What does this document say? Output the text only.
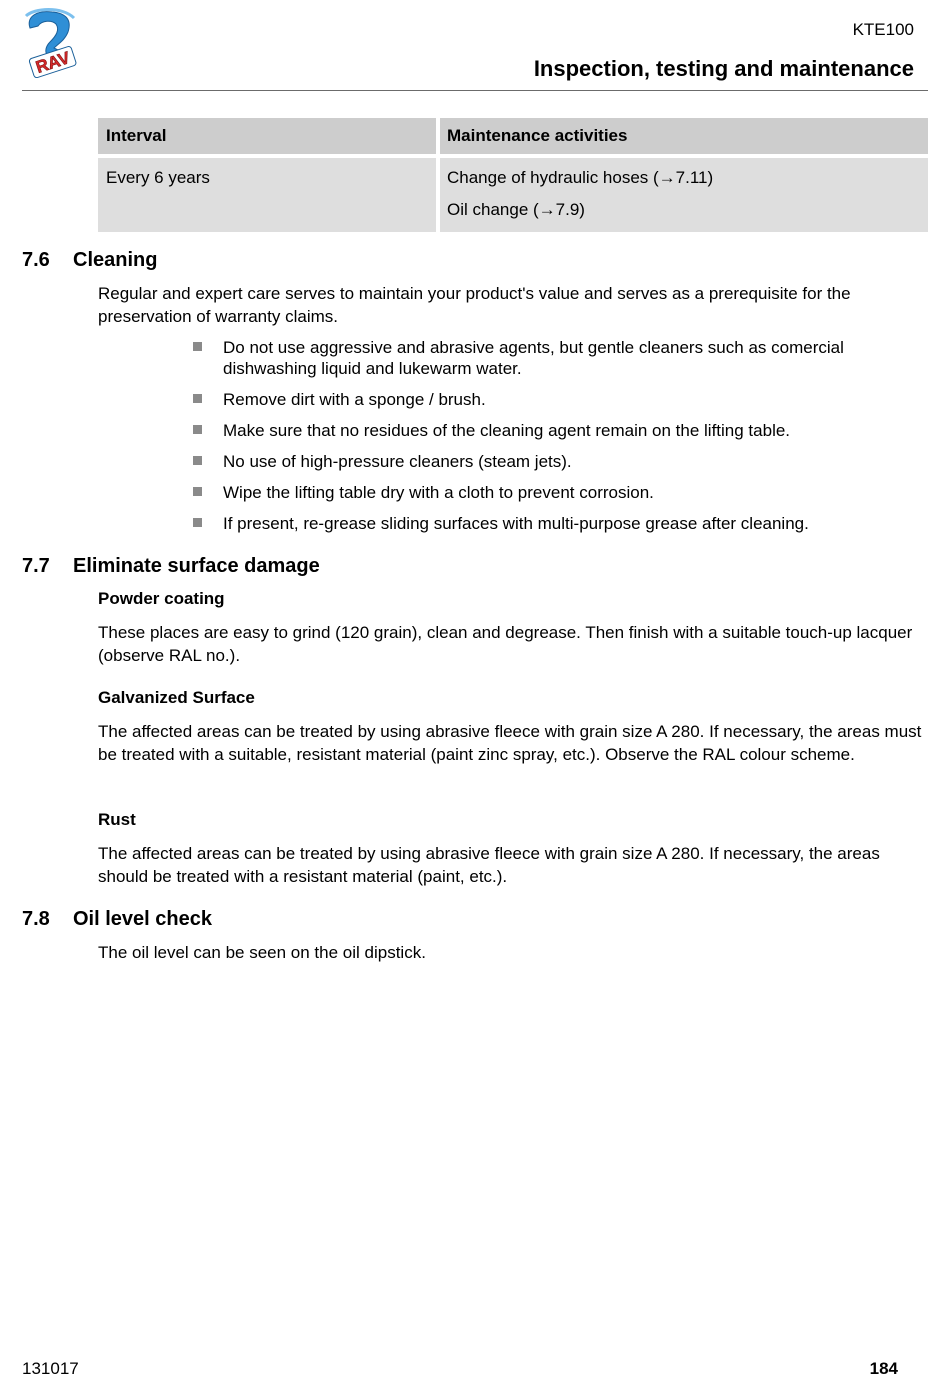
RAV
KTE100
Inspection, testing and maintenance
Interval	Maintenance activities

Every 6 years	Change of hydraulic hoses (→7.11)
Oil change (→7.9)
7.6 Cleaning
Regular and expert care serves to maintain your product's value and serves as a prerequisite for the preservation of warranty claims.
Do not use aggressive and abrasive agents, but gentle cleaners such as comercial dishwashing liquid and lukewarm water.
Remove dirt with a sponge / brush.
Make sure that no residues of the cleaning agent remain on the lifting table.
No use of high-pressure cleaners (steam jets).
Wipe the lifting table dry with a cloth to prevent corrosion.
If present, re-grease sliding surfaces with multi-purpose grease after cleaning.
7.7 Eliminate surface damage
Powder coating
These places are easy to grind (120 grain), clean and degrease. Then finish with a suitable touch-up lacquer (observe RAL no.).
Galvanized Surface
The affected areas can be treated by using abrasive fleece with grain size A 280. If necessary, the areas must be treated with a suitable, resistant material (paint zinc spray, etc.). Observe the RAL colour scheme.
Rust
The affected areas can be treated by using abrasive fleece with grain size A 280. If necessary, the areas should be treated with a resistant material (paint, etc.).
7.8 Oil level check
The oil level can be seen on the oil dipstick.
131017	184
